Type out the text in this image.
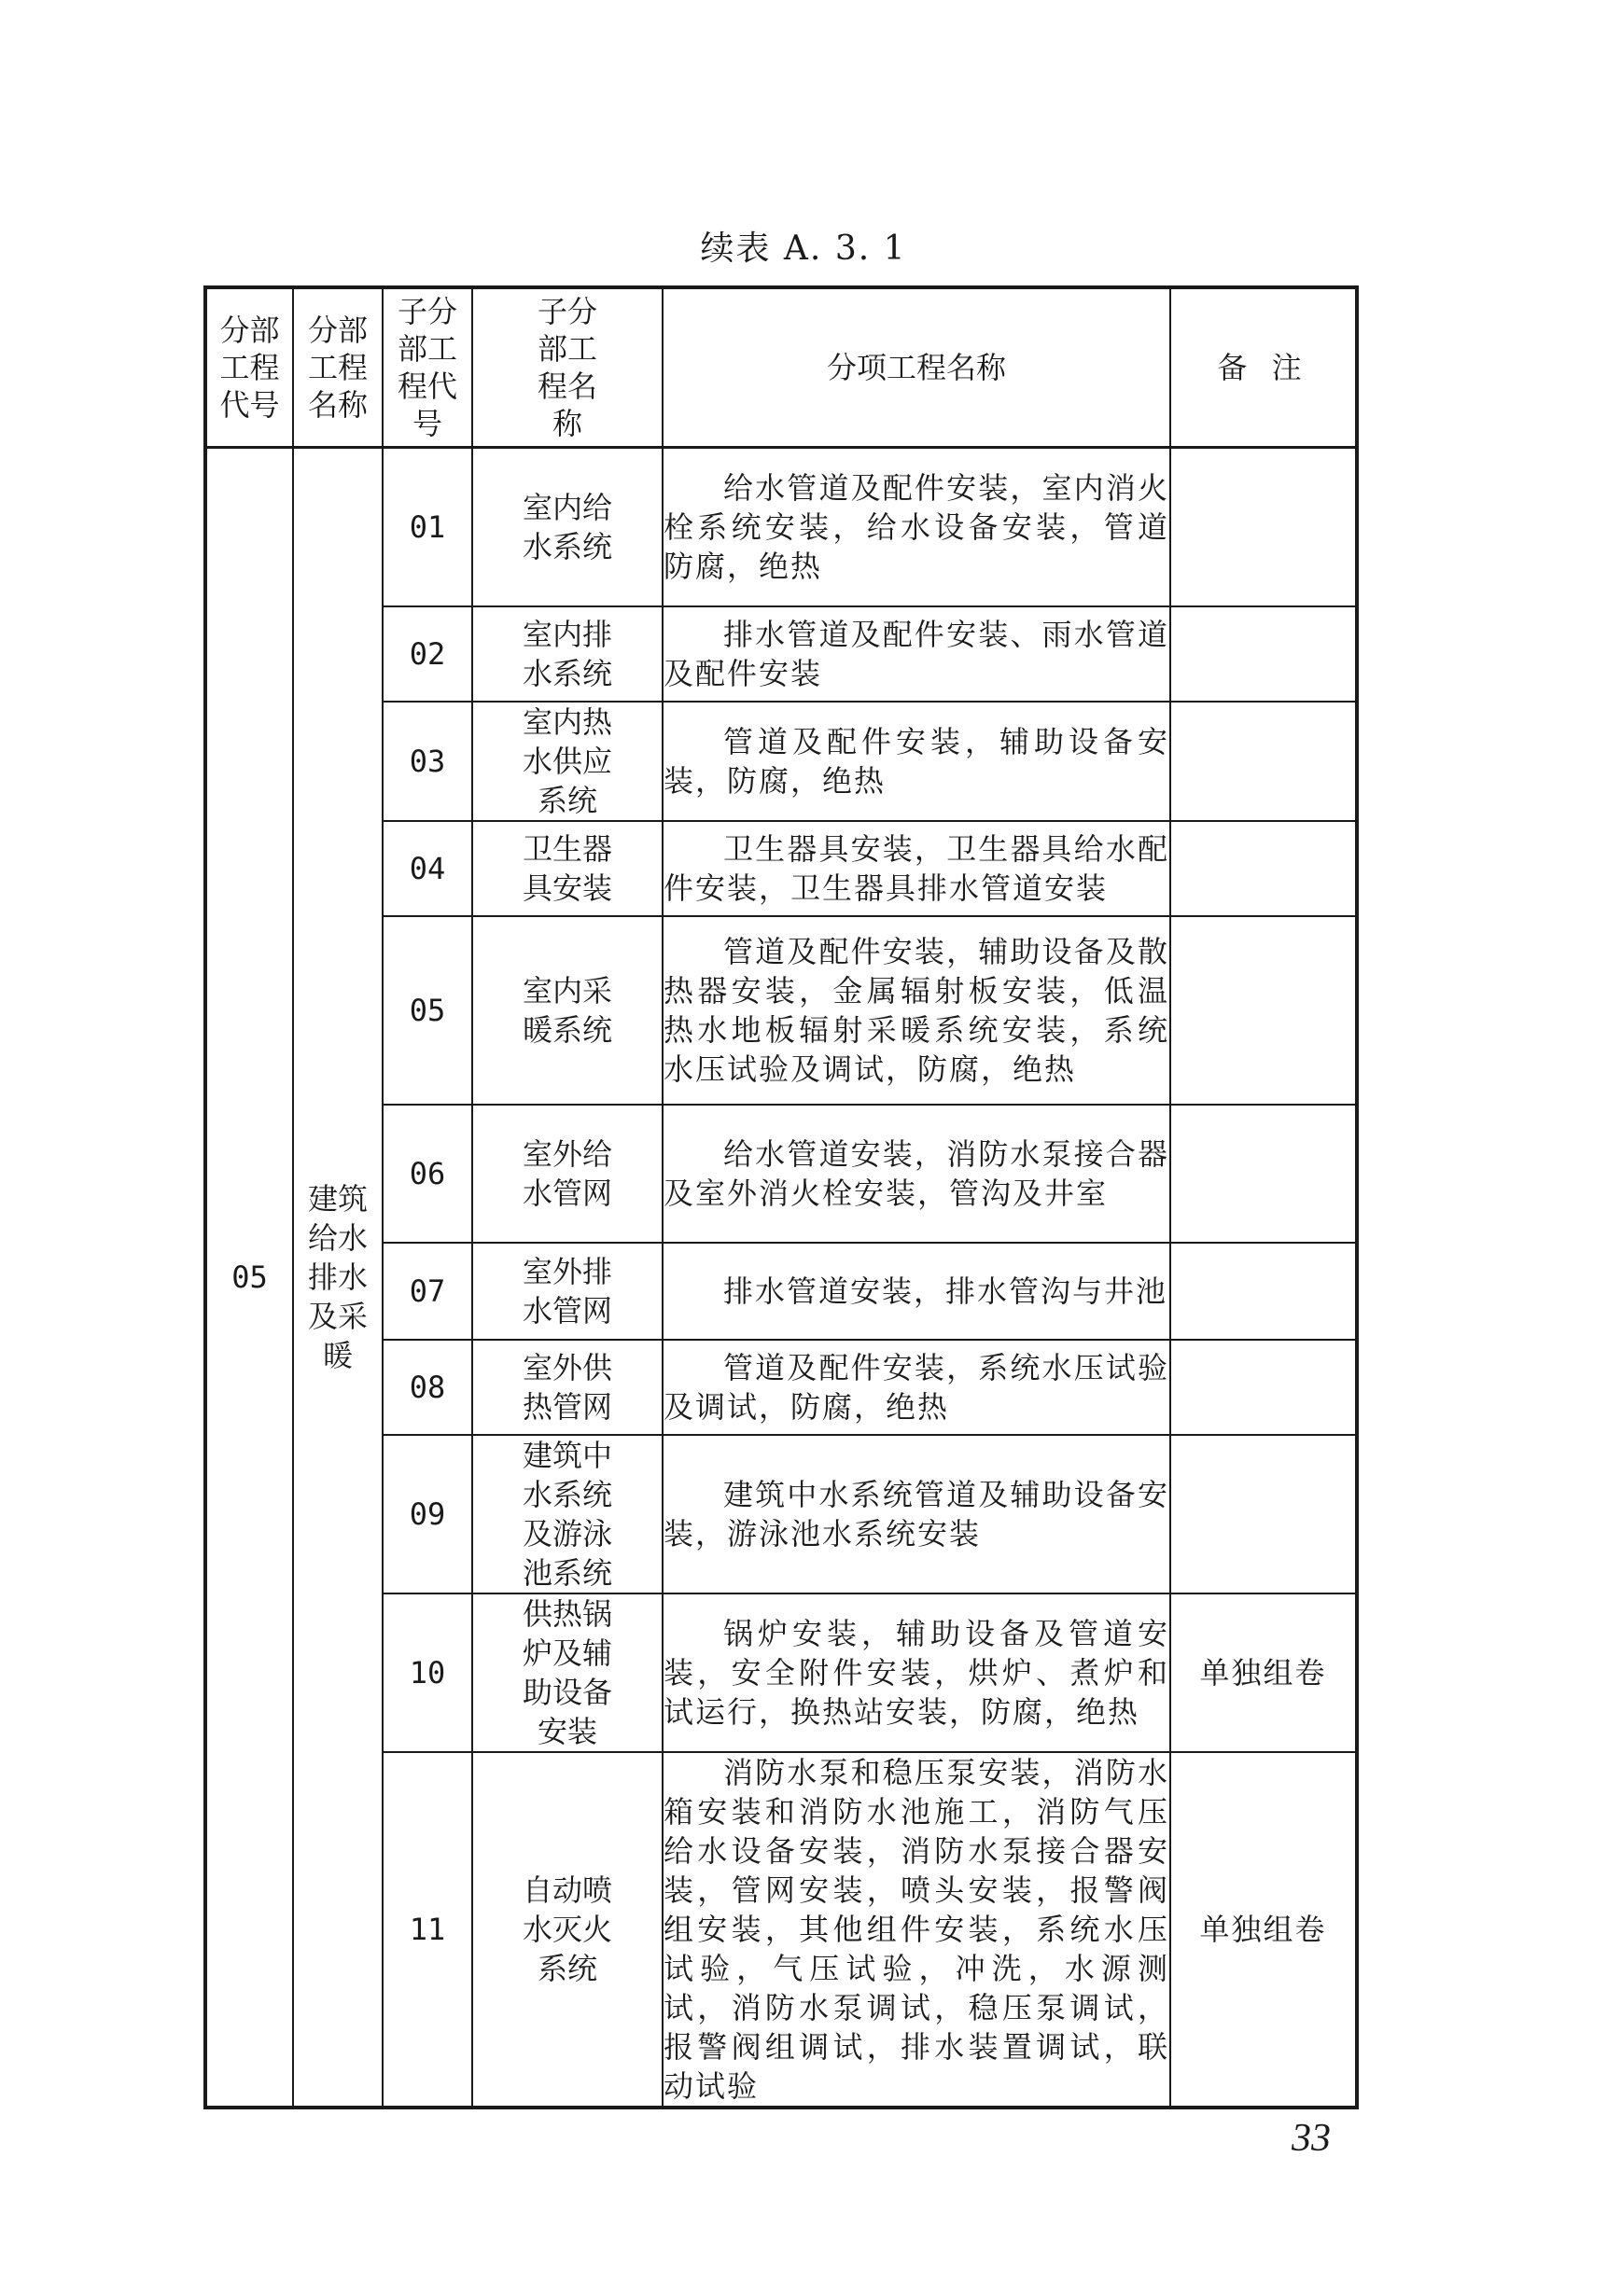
续表 A. 3. 1
分部工程代号	分部工程名称	子分部工程代号	子分部工程名称	分项工程名称	备 注
05	建筑给水排水及采暖	01	室内给水系统	给水管道及配件安装，室内消火栓系统安装，给水设备安装，管道防腐，绝热	

		02	室内排水系统	排水管道及配件安装、雨水管道及配件安装	

		03	室内热水供应系统	管道及配件安装，辅助设备安装，防腐，绝热	

		04	卫生器具安装	卫生器具安装，卫生器具给水配件安装，卫生器具排水管道安装	

		05	室内采暖系统	管道及配件安装，辅助设备及散热器安装，金属辐射板安装，低温热水地板辐射采暖系统安装，系统水压试验及调试，防腐，绝热	

		06	室外给水管网	给水管道安装，消防水泵接合器及室外消火栓安装，管沟及井室	

		07	室外排水管网	排水管道安装，排水管沟与井池	

		08	室外供热管网	管道及配件安装，系统水压试验及调试，防腐，绝热	

		09	建筑中水系统及游泳池系统	建筑中水系统管道及辅助设备安装，游泳池水系统安装	

		10	供热锅炉及辅助设备安装	锅炉安装，辅助设备及管道安装，安全附件安装，烘炉、煮炉和试运行，换热站安装，防腐，绝热	单独组卷
		11	自动喷水灭火系统	消防水泵和稳压泵安装，消防水箱安装和消防水池施工，消防气压给水设备安装，消防水泵接合器安装，管网安装，喷头安装，报警阀组安装，其他组件安装，系统水压试验，气压试验，冲洗，水源测试，消防水泵调试，稳压泵调试，报警阀组调试，排水装置调试，联动试验	单独组卷
33
